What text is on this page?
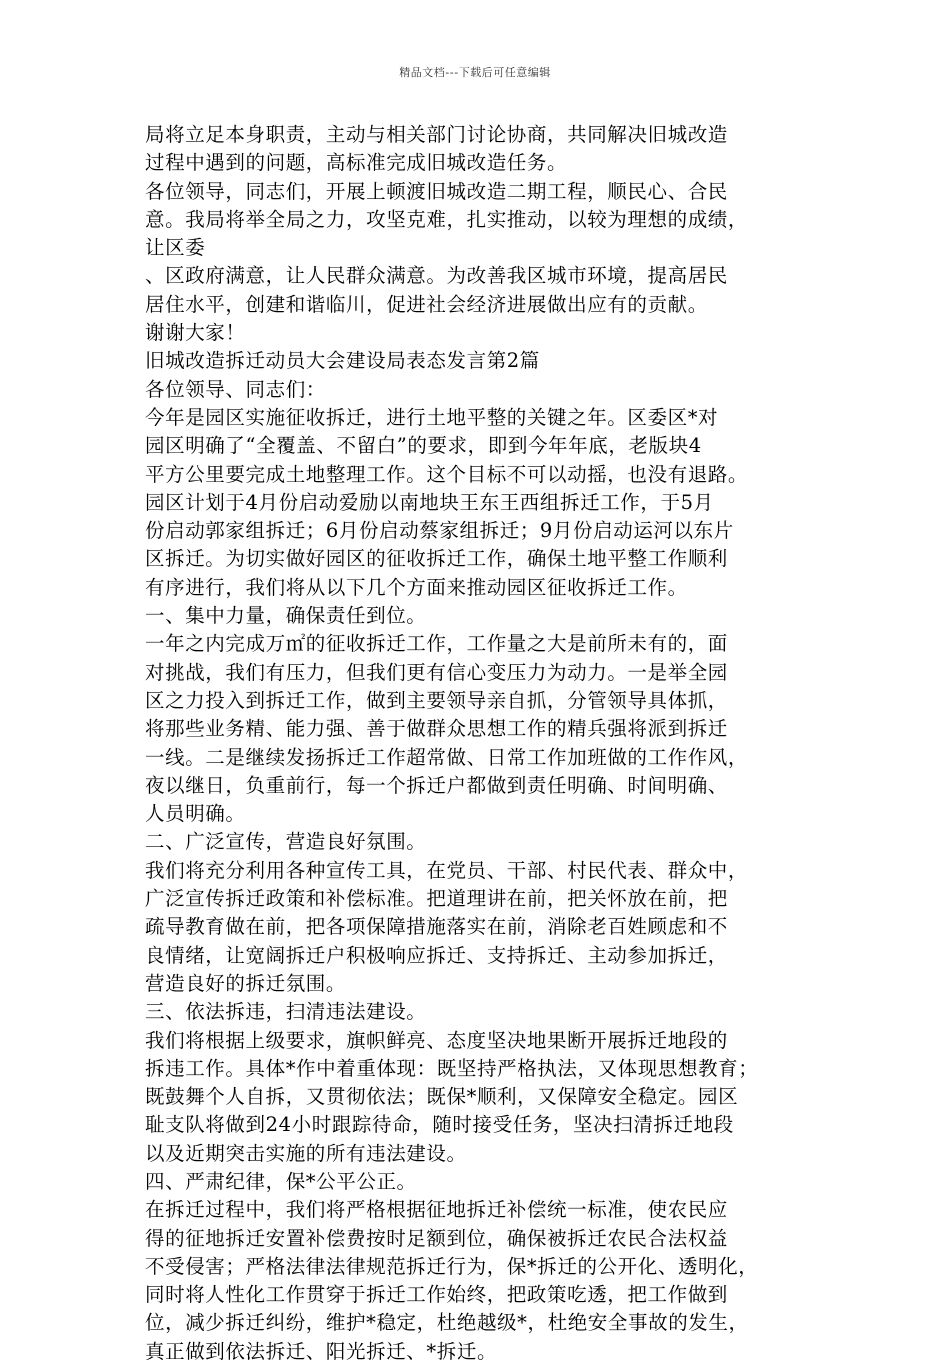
精品文档---下载后可任意编辑
局将立足本身职责，主动与相关部门讨论协商，共同解决旧城改造
过程中遇到的问题，高标准完成旧城改造任务。
各位领导，同志们，开展上顿渡旧城改造二期工程，顺民心、合民
意。我局将举全局之力，攻坚克难，扎实推动，以较为理想的成绩，
让区委
、区政府满意，让人民群众满意。为改善我区城市环境，提高居民
居住水平，创建和谐临川，促进社会经济进展做出应有的贡献。
谢谢大家！
旧城改造拆迁动员大会建设局表态发言第2篇
各位领导、同志们：
今年是园区实施征收拆迁，进行土地平整的关键之年。区委区*对
园区明确了“全覆盖、不留白”的要求，即到今年年底，老版块4
平方公里要完成土地整理工作。这个目标不可以动摇，也没有退路。
园区计划于4月份启动爱励以南地块王东王西组拆迁工作，于5月
份启动郭家组拆迁；6月份启动蔡家组拆迁；9月份启动运河以东片
区拆迁。为切实做好园区的征收拆迁工作，确保土地平整工作顺利
有序进行，我们将从以下几个方面来推动园区征收拆迁工作。
一、集中力量，确保责任到位。
一年之内完成万㎡的征收拆迁工作，工作量之大是前所未有的，面
对挑战，我们有压力，但我们更有信心变压力为动力。一是举全园
区之力投入到拆迁工作，做到主要领导亲自抓，分管领导具体抓，
将那些业务精、能力强、善于做群众思想工作的精兵强将派到拆迁
一线。二是继续发扬拆迁工作超常做、日常工作加班做的工作作风，
夜以继日，负重前行，每一个拆迁户都做到责任明确、时间明确、
人员明确。
二、广泛宣传，营造良好氛围。
我们将充分利用各种宣传工具，在党员、干部、村民代表、群众中，
广泛宣传拆迁政策和补偿标准。把道理讲在前，把关怀放在前，把
疏导教育做在前，把各项保障措施落实在前，消除老百姓顾虑和不
良情绪，让宽阔拆迁户积极响应拆迁、支持拆迁、主动参加拆迁，
营造良好的拆迁氛围。
三、依法拆违，扫清违法建设。
我们将根据上级要求，旗帜鲜亮、态度坚决地果断开展拆迁地段的
拆违工作。具体*作中着重体现：既坚持严格执法，又体现思想教育；
既鼓舞个人自拆，又贯彻依法；既保*顺利，又保障安全稳定。园区
耻支队将做到24小时跟踪待命，随时接受任务，坚决扫清拆迁地段
以及近期突击实施的所有违法建设。
四、严肃纪律，保*公平公正。
在拆迁过程中，我们将严格根据征地拆迁补偿统一标准，使农民应
得的征地拆迁安置补偿费按时足额到位，确保被拆迁农民合法权益
不受侵害；严格法律法律规范拆迁行为，保*拆迁的公开化、透明化，
同时将人性化工作贯穿于拆迁工作始终，把政策吃透，把工作做到
位，减少拆迁纠纷，维护*稳定，杜绝越级*，杜绝安全事故的发生，
真正做到依法拆迁、阳光拆迁、*拆迁。
